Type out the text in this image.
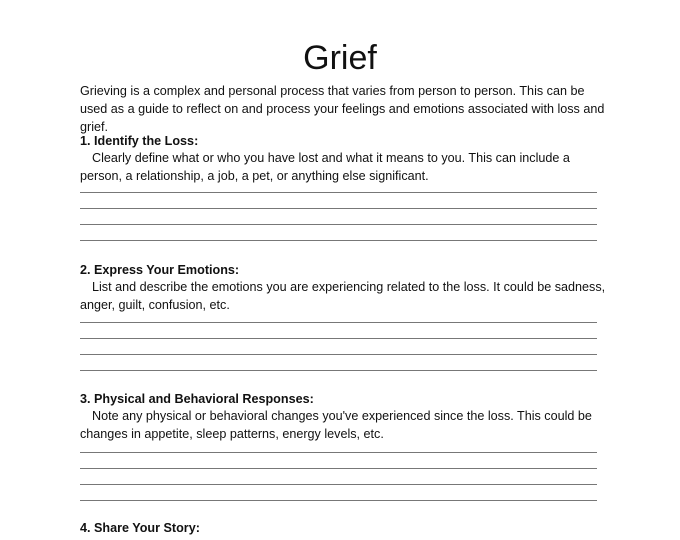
Grief

Grieving is a complex and personal process that varies from person to person. This can be used as a guide to reflect on and process your feelings and emotions associated with loss and grief.

1. Identify the Loss:

Clearly define what or who you have lost and what it means to you. This can include a
person, a relationship, a job, a pet, or anything else significant.

2. Express Your Emotions:

List and describe the emotions you are experiencing related to the loss. It could be sadness,
anger, guilt, confusion, etc.

3. Physical and Behavioral Responses:

Note any physical or behavioral changes you've experienced since the loss. This could be
changes in appetite, sleep patterns, energy levels, etc.

4. Share Your Story:
